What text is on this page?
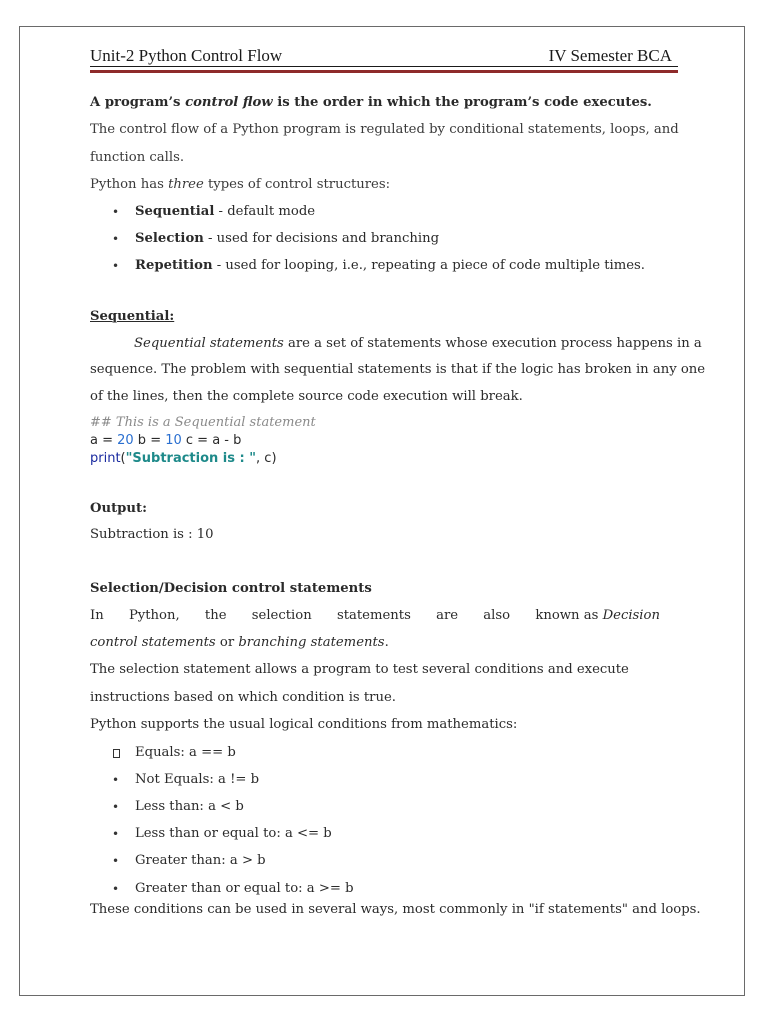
Unit-2 Python Control Flow	IV Semester BCA
A program’s control flow is the order in which the program’s code executes.
The control flow of a Python program is regulated by conditional statements, loops, and
function calls.
Python has three types of control structures:
• Sequential - default mode
• Selection - used for decisions and branching
• Repetition - used for looping, i.e., repeating a piece of code multiple times.
Sequential:
Sequential statements are a set of statements whose execution process happens in a
sequence. The problem with sequential statements is that if the logic has broken in any one
of the lines, then the complete source code execution will break.
## This is a Sequential statement
a = 20 b = 10 c = a - b
print("Subtraction is : ", c)
Output:
Subtraction is : 10
Selection/Decision control statements
In Python, the selection statements are also known as Decision
control statements or branching statements.
The selection statement allows a program to test several conditions and execute
instructions based on which condition is true.
Python supports the usual logical conditions from mathematics:
Equals: a == b
• Not Equals: a != b
• Less than: a < b
• Less than or equal to: a <= b
• Greater than: a > b
• Greater than or equal to: a >= b
These conditions can be used in several ways, most commonly in "if statements" and loops.
